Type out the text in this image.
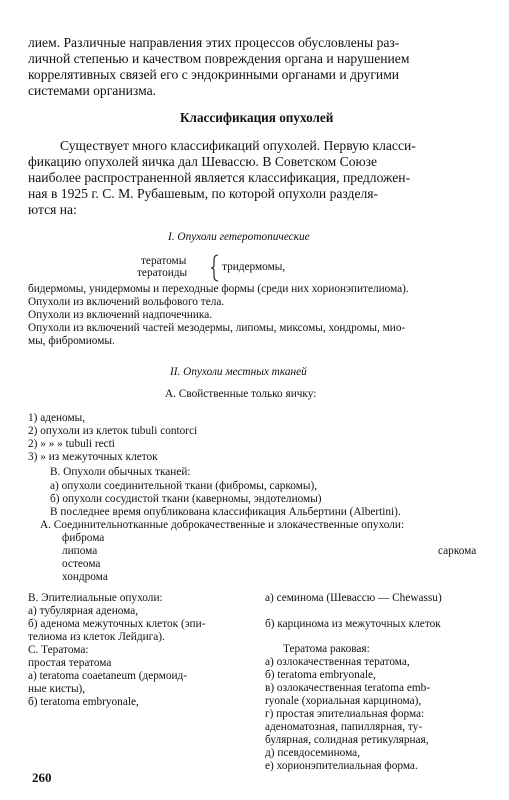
лием. Различные направления этих процессов обусловлены раз-

личной степенью и качеством повреждения органа и нарушением

коррелятивных связей его с эндокринными органами и другими

системами организма.

Классификация опухолей

Существует много классификаций опухолей. Первую класси-

фикацию опухолей яичка дал Шевассю. В Советском Союзе

наиболее распространенной является классификация, предложен-

ная в 1925 г. С. М. Рубашевым, по которой опухоли разделя-

ются на:

I. Опухоли гетеротопические

тератомы

тератоиды	тридермомы,

бидермомы, унидермомы и переходные формы (среди них хорионэпителиома).

Опухоли из включений вольфового тела.

Опухоли из включений надпочечника.

Опухоли из включений частей мезодермы, липомы, миксомы, хондромы, мио-

мы, фибромиомы.

II. Опухоли местных тканей

А. Свойственные только яичку:

1) аденомы,

2) опухоли из клеток tubuli contorci

2) » » » tubuli recti

3) » из межуточных клеток

В. Опухоли обычных тканей:

а) опухоли соединительной ткани (фибромы, саркомы),

б) опухоли сосудистой ткани (каверномы, эндотелиомы)

В последнее время опубликована классификация Альбертини (Albertini).

А. Соединительнотканные доброкачественные и злокачественные опухоли:

фиброма

липома

остеома

хондрома

саркома

В. Эпителиальные опухоли:

а) тубулярная аденома,

б) аденома межуточных клеток (эпи-

телиома из клеток Лейдига).

С. Тератома:

простая тератома

а) teratoma coaetaneum (дермоид-

ные кисты),

б) teratoma embryonale,

а) семинома (Шевассю — Chewassu)

б) карцинома из межуточных клеток

Тератома раковая:

а) озлокачественная тератома,

б) teratoma embryonale,

в) озлокачественная teratoma emb-

ryonale (хориальная карцинома),

г) простая эпителиальная форма:

аденоматозная, папиллярная, ту-

булярная, солидная ретикулярная,

д) псевдосеминома,

е) хорионэпителиальная форма.

260
